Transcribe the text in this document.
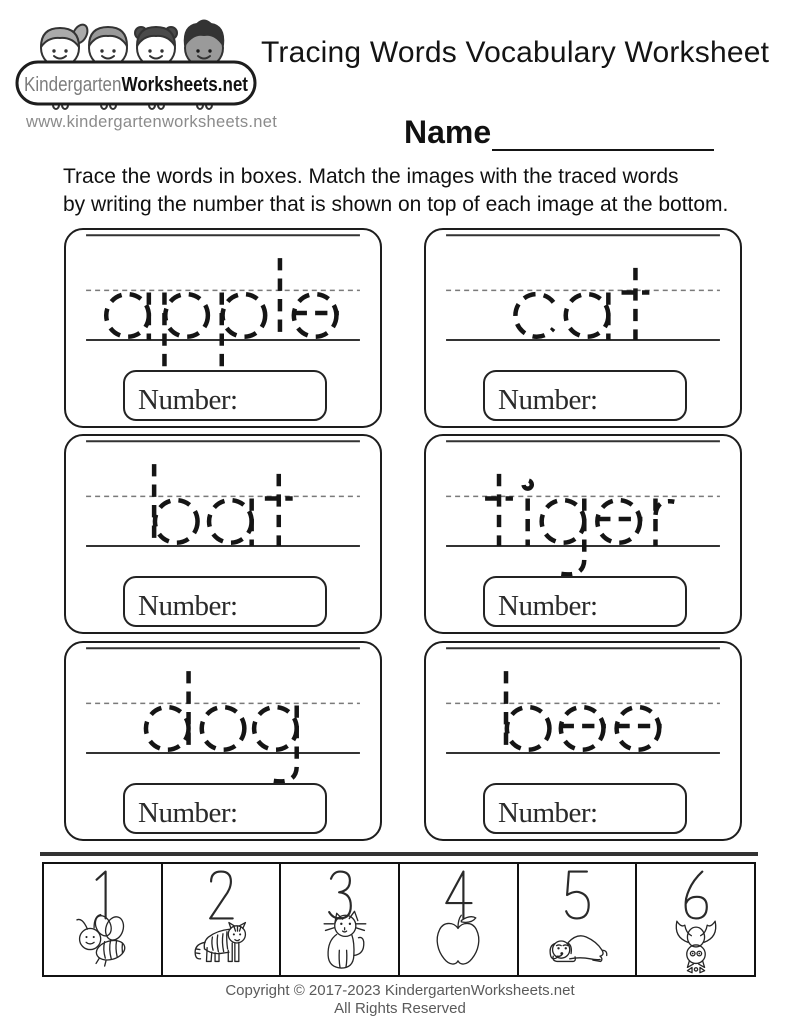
KindergartenWorksheets.net
www.kindergartenworksheets.net
Tracing Words Vocabulary Worksheet
Name
Trace the words in boxes. Match the images with the traced words
by writing the number that is shown on top of each image at the bottom.
Number:	Number:
Number:	Number:
Number:	Number:
Copyright © 2017-2023 KindergartenWorksheets.net
All Rights Reserved
